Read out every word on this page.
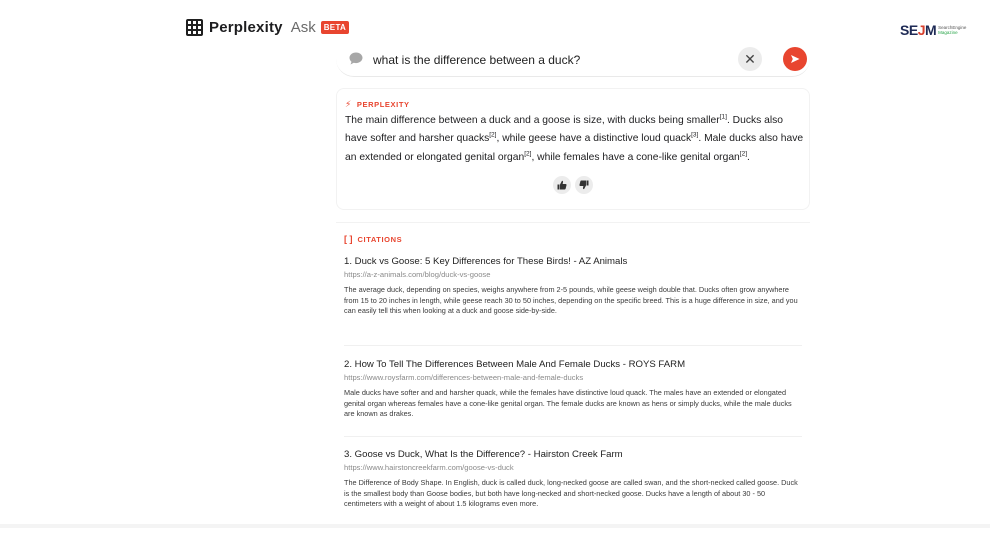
Perplexity Ask	BETA	SEJM SearchEngine
Magazine
what is the difference between a duck?	✕
⚡ PERPLEXITY
The main difference between a duck and a goose is size, with ducks being smaller[1]. Ducks also have softer and harsher quacks[2], while geese have a distinctive loud quack[3]. Male ducks also have an extended or elongated genital organ[2], while females have a cone-like genital organ[2].
[ ] CITATIONS
1. Duck vs Goose: 5 Key Differences for These Birds! - AZ Animals
https://a-z-animals.com/blog/duck-vs-goose
The average duck, depending on species, weighs anywhere from 2-5 pounds, while geese weigh double that. Ducks often grow anywhere from 15 to 20 inches in length, while geese reach 30 to 50 inches, depending on the specific breed. This is a huge difference in size, and you can easily tell this when looking at a duck and goose side-by-side.
2. How To Tell The Differences Between Male And Female Ducks - ROYS FARM
https://www.roysfarm.com/differences-between-male-and-female-ducks
Male ducks have softer and and harsher quack, while the females have distinctive loud quack. The males have an extended or elongated genital organ whereas females have a cone-like genital organ. The female ducks are known as hens or simply ducks, while the male ducks are known as drakes.
3. Goose vs Duck, What Is the Difference? - Hairston Creek Farm
https://www.hairstoncreekfarm.com/goose-vs-duck
The Difference of Body Shape. In English, duck is called duck, long-necked goose are called swan, and the short-necked called goose. Duck is the smallest body than Goose bodies, but both have long-necked and short-necked goose. Ducks have a length of about 30 - 50 centimeters with a weight of about 1.5 kilograms even more.
